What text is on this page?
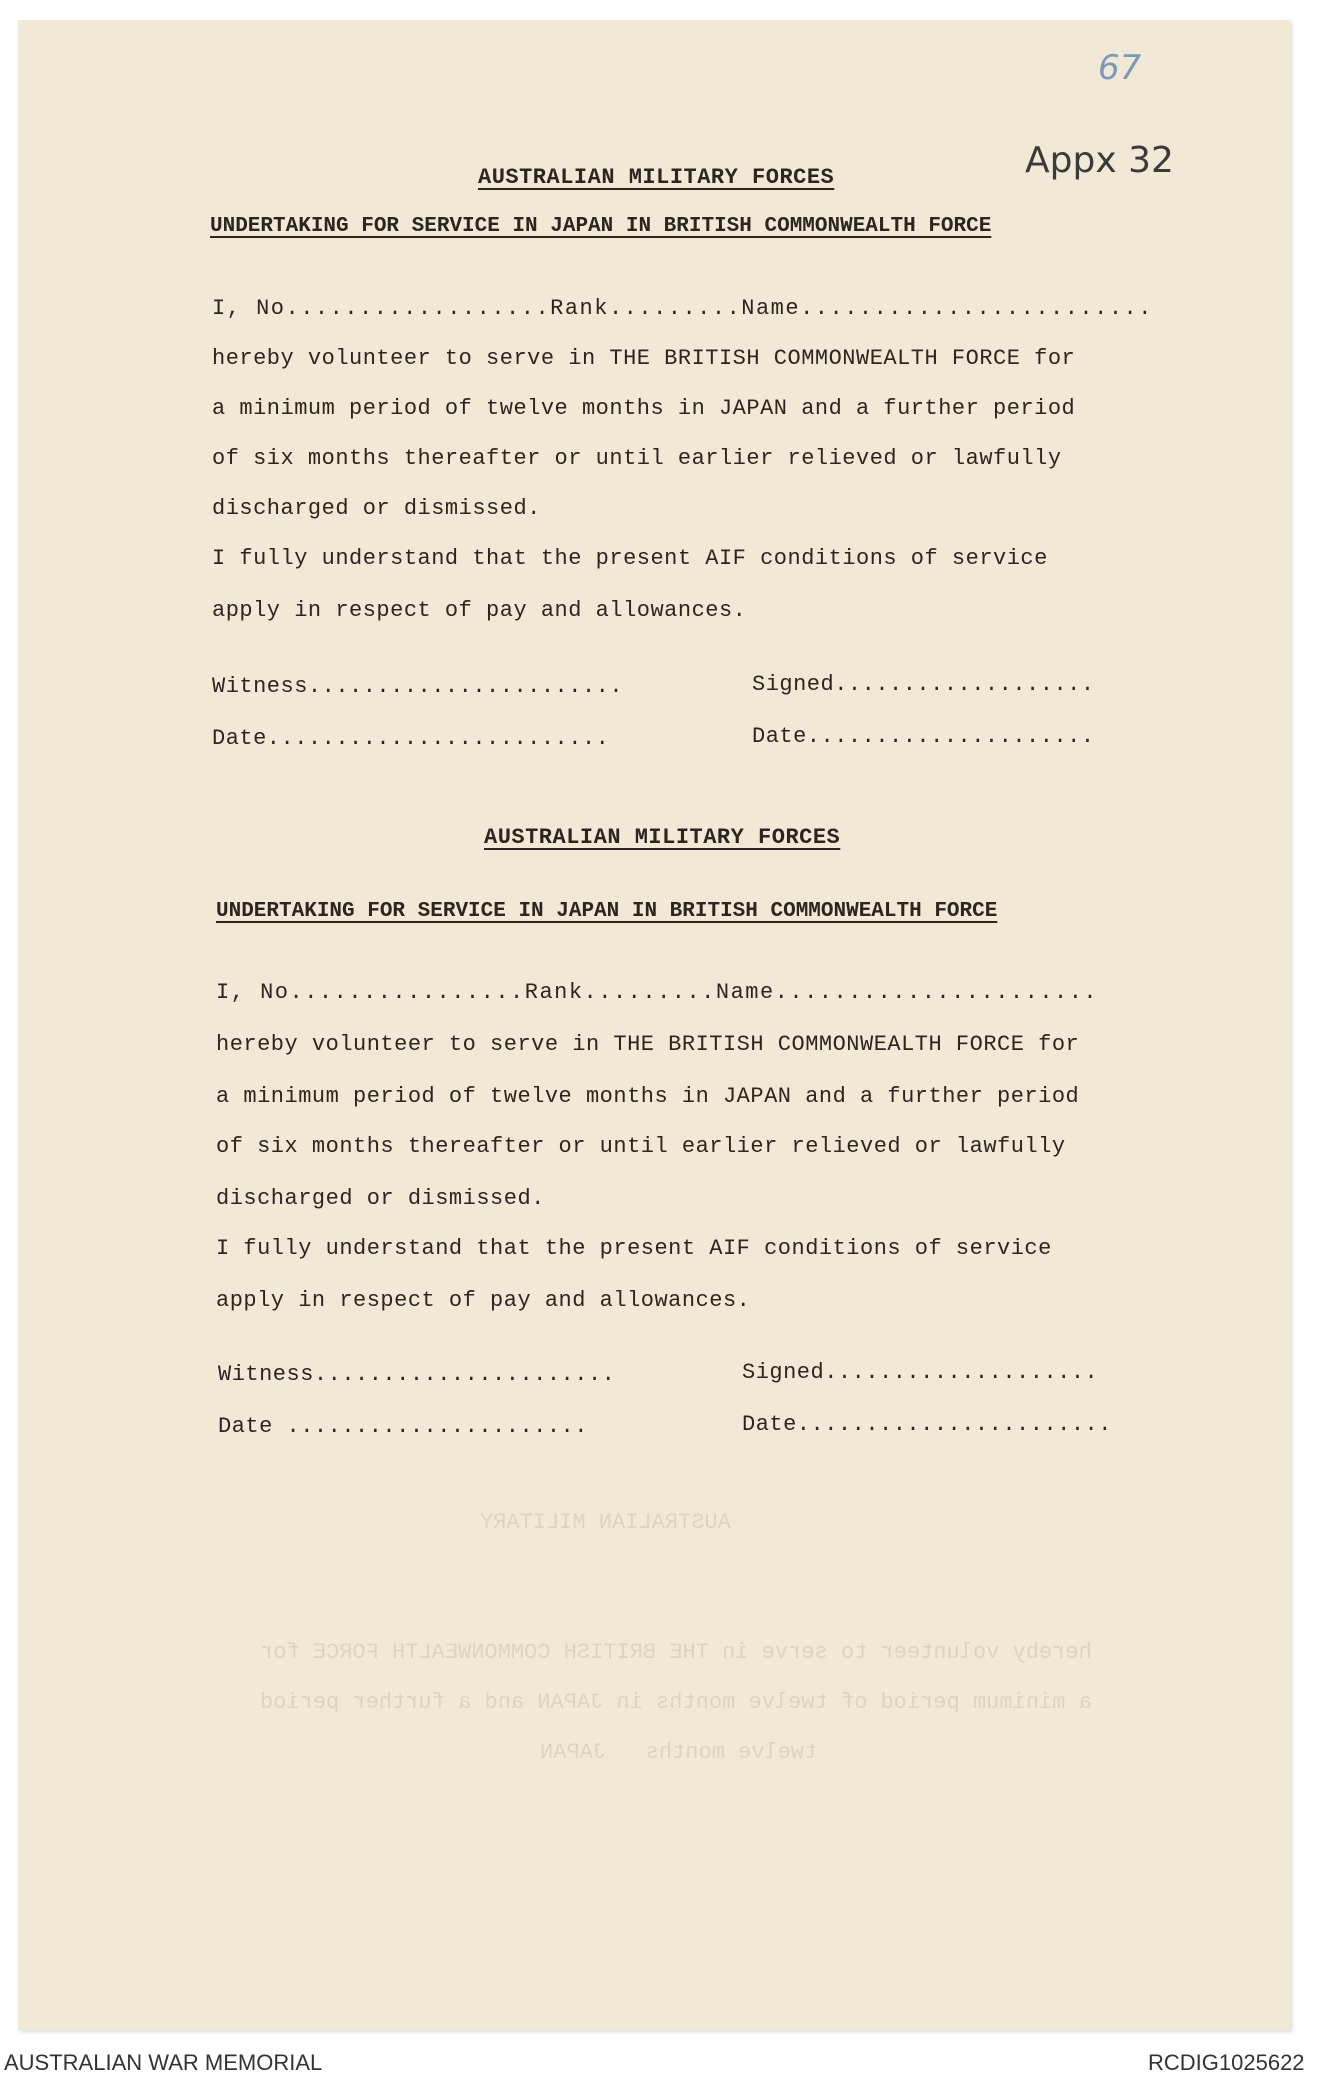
67
Appx 32
AUSTRALIAN MILITARY FORCES
UNDERTAKING FOR SERVICE IN JAPAN IN BRITISH COMMONWEALTH FORCE
I, No..................Rank.........Name........................
hereby volunteer to serve in THE BRITISH COMMONWEALTH FORCE for
a minimum period of twelve months in JAPAN and a further period
of six months thereafter or until earlier relieved or lawfully
discharged or dismissed.
I fully understand that the present AIF conditions of service
apply in respect of pay and allowances.
Witness.......................	Signed...................
Date.........................	Date.....................
AUSTRALIAN MILITARY FORCES
UNDERTAKING FOR SERVICE IN JAPAN IN BRITISH COMMONWEALTH FORCE
I, No................Rank.........Name......................
hereby volunteer to serve in THE BRITISH COMMONWEALTH FORCE for
a minimum period of twelve months in JAPAN and a further period
of six months thereafter or until earlier relieved or lawfully
discharged or dismissed.
I fully understand that the present AIF conditions of service
apply in respect of pay and allowances.
Witness......................	Signed....................
Date ......................	Date.......................
AUSTRALIAN MILITARY
hereby volunteer to serve in THE BRITISH COMMONWEALTH FORCE for
a minimum period of twelve months in JAPAN and a further period
twelve months   JAPAN
AUSTRALIAN WAR MEMORIAL	RCDIG1025622
